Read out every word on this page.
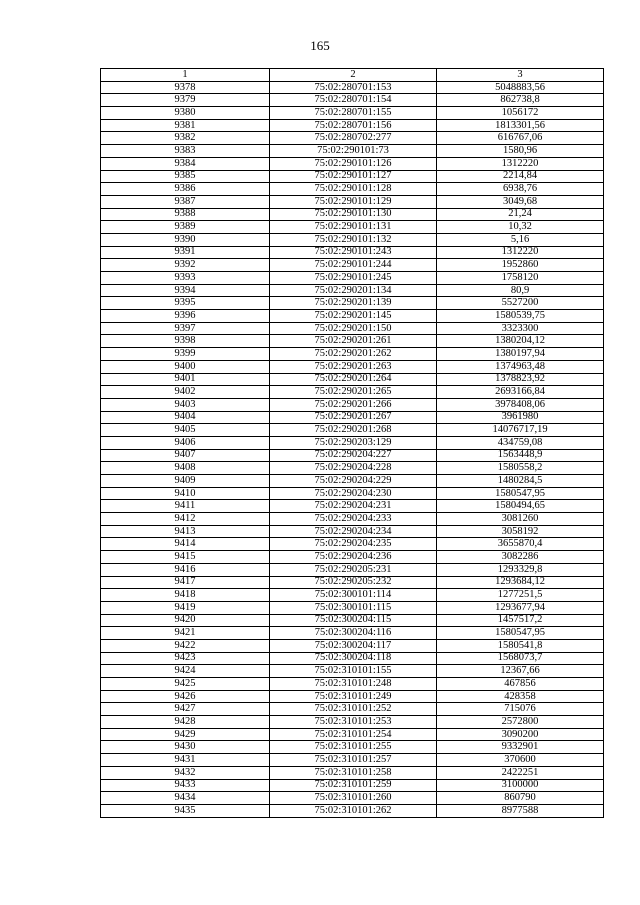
165
1	2	3
9378	75:02:280701:153	5048883,56
9379	75:02:280701:154	862738,8
9380	75:02:280701:155	1056172
9381	75:02:280701:156	1813301,56
9382	75:02:280702:277	616767,06
9383	75:02:290101:73	1580,96
9384	75:02:290101:126	1312220
9385	75:02:290101:127	2214,84
9386	75:02:290101:128	6938,76
9387	75:02:290101:129	3049,68
9388	75:02:290101:130	21,24
9389	75:02:290101:131	10,32
9390	75:02:290101:132	5,16
9391	75:02:290101:243	1312220
9392	75:02:290101:244	1952860
9393	75:02:290101:245	1758120
9394	75:02:290201:134	80,9
9395	75:02:290201:139	5527200
9396	75:02:290201:145	1580539,75
9397	75:02:290201:150	3323300
9398	75:02:290201:261	1380204,12
9399	75:02:290201:262	1380197,94
9400	75:02:290201:263	1374963,48
9401	75:02:290201:264	1378823,92
9402	75:02:290201:265	2693166,84
9403	75:02:290201:266	3978408,06
9404	75:02:290201:267	3961980
9405	75:02:290201:268	14076717,19
9406	75:02:290203:129	434759,08
9407	75:02:290204:227	1563448,9
9408	75:02:290204:228	1580558,2
9409	75:02:290204:229	1480284,5
9410	75:02:290204:230	1580547,95
9411	75:02:290204:231	1580494,65
9412	75:02:290204:233	3081260
9413	75:02:290204:234	3058192
9414	75:02:290204:235	3655870,4
9415	75:02:290204:236	3082286
9416	75:02:290205:231	1293329,8
9417	75:02:290205:232	1293684,12
9418	75:02:300101:114	1277251,5
9419	75:02:300101:115	1293677,94
9420	75:02:300204:115	1457517,2
9421	75:02:300204:116	1580547,95
9422	75:02:300204:117	1580541,8
9423	75:02:300204:118	1568073,7
9424	75:02:310101:155	12367,66
9425	75:02:310101:248	467856
9426	75:02:310101:249	428358
9427	75:02:310101:252	715076
9428	75:02:310101:253	2572800
9429	75:02:310101:254	3090200
9430	75:02:310101:255	9332901
9431	75:02:310101:257	370600
9432	75:02:310101:258	2422251
9433	75:02:310101:259	3100000
9434	75:02:310101:260	860790
9435	75:02:310101:262	8977588
